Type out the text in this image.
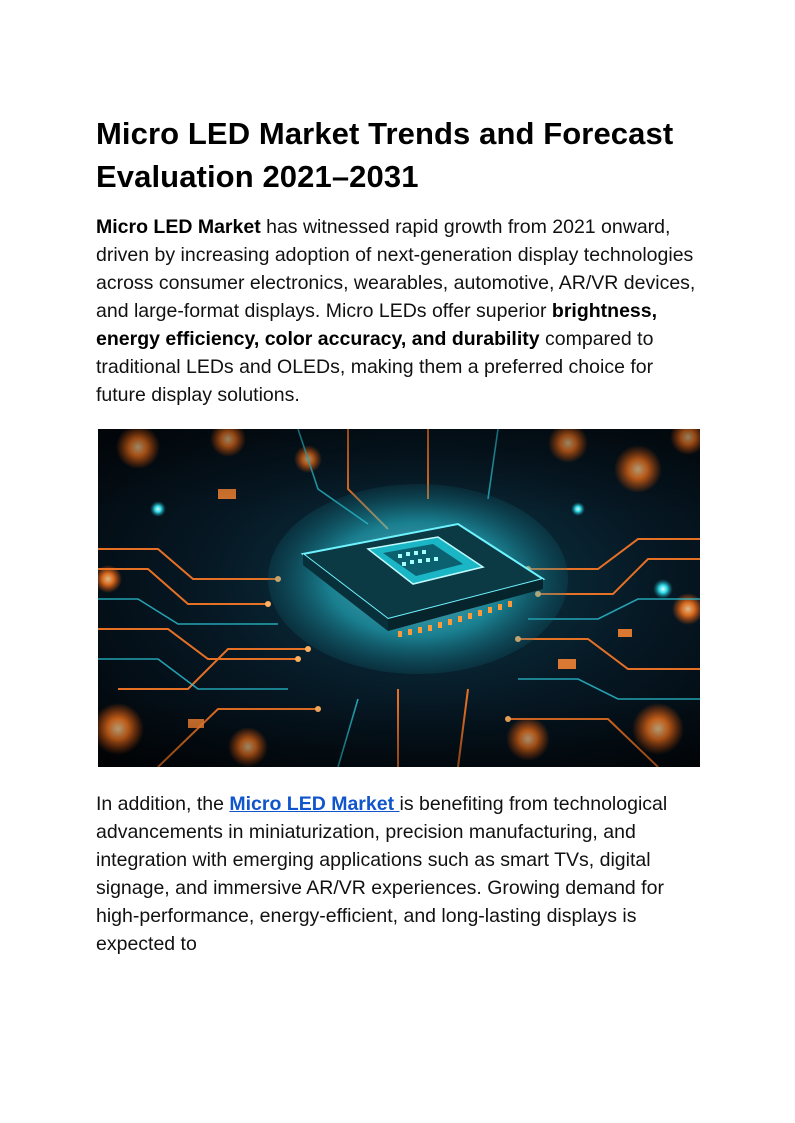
Micro LED Market Trends and Forecast Evaluation 2021–2031

Micro LED Market has witnessed rapid growth from 2021 onward, driven by increasing adoption of next-generation display technologies across consumer electronics, wearables, automotive, AR/VR devices, and large-format displays. Micro LEDs offer superior brightness, energy efficiency, color accuracy, and durability compared to traditional LEDs and OLEDs, making them a preferred choice for future display solutions.

In addition, the Micro LED Market is benefiting from technological advancements in miniaturization, precision manufacturing, and integration with emerging applications such as smart TVs, digital signage, and immersive AR/VR experiences. Growing demand for high-performance, energy-efficient, and long-lasting displays is expected to
